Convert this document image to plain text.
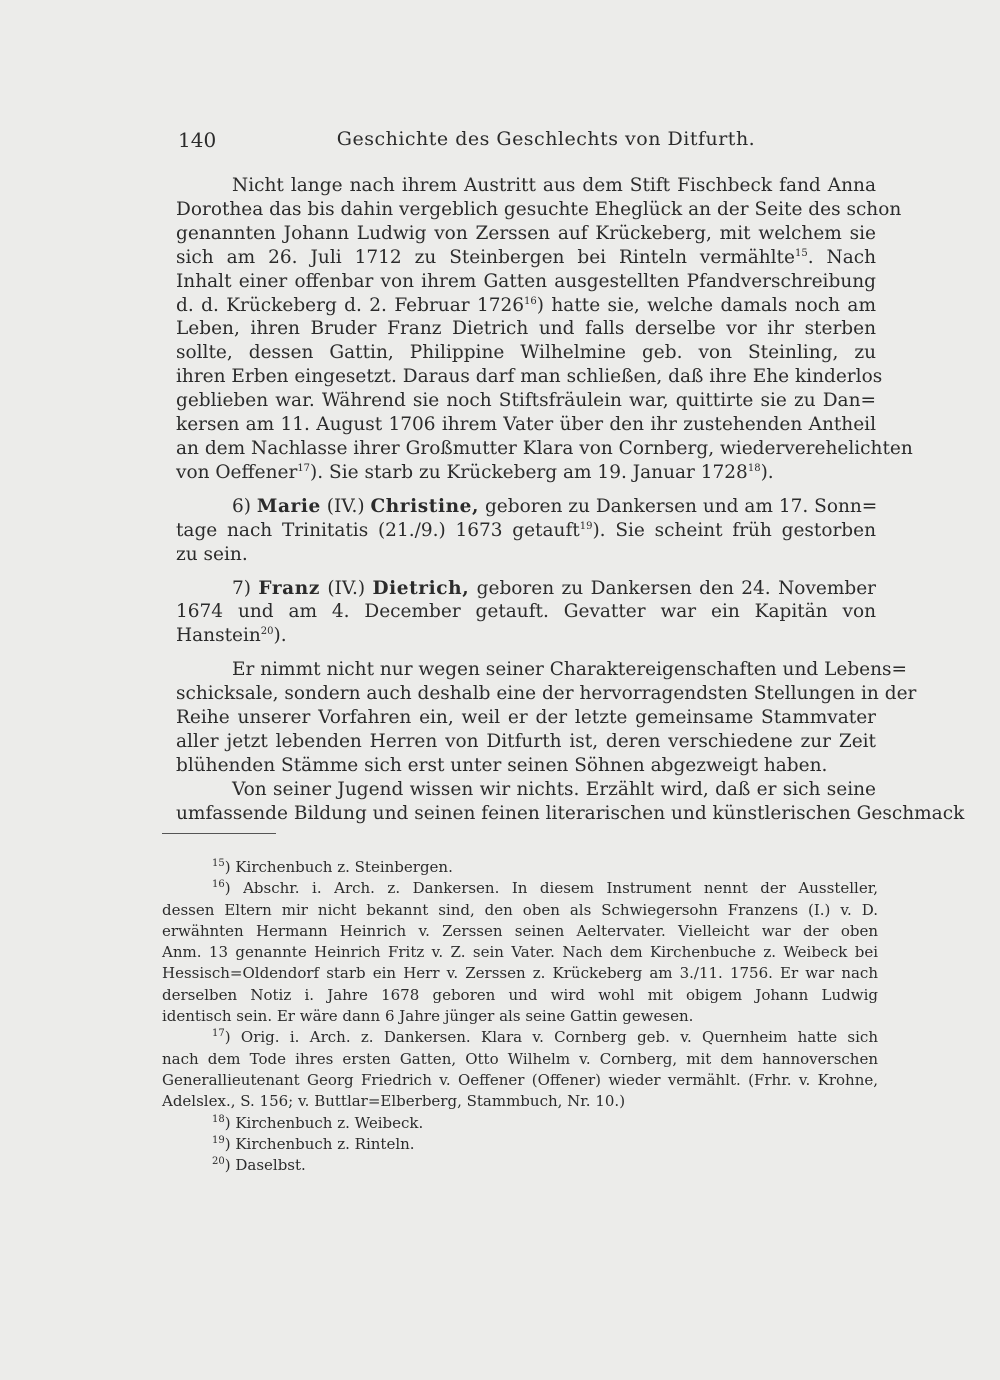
140	Geschichte des Geschlechts von Ditfurth.
Nicht lange nach ihrem Austritt aus dem Stift Fischbeck fand Anna
Dorothea das bis dahin vergeblich gesuchte Eheglück an der Seite des schon
genannten Johann Ludwig von Zerssen auf Krückeberg, mit welchem sie
sich am 26. Juli 1712 zu Steinbergen bei Rinteln vermählte$^{15}$. Nach
Inhalt einer offenbar von ihrem Gatten ausgestellten Pfandverschreibung
d. d. Krückeberg d. 2. Februar 1726$^{16}$) hatte sie, welche damals noch am
Leben, ihren Bruder Franz Dietrich und falls derselbe vor ihr sterben
sollte, dessen Gattin, Philippine Wilhelmine geb. von Steinling, zu
ihren Erben eingesetzt. Daraus darf man schließen, daß ihre Ehe kinderlos
geblieben war. Während sie noch Stiftsfräulein war, quittirte sie zu Dan=
kersen am 11. August 1706 ihrem Vater über den ihr zustehenden Antheil
an dem Nachlasse ihrer Großmutter Klara von Cornberg, wiederverehelichten
von Oeffener$^{17}$). Sie starb zu Krückeberg am 19. Januar 1728$^{18}$).
6) Marie (IV.) Christine, geboren zu Dankersen und am 17. Sonn=
tage nach Trinitatis (21./9.) 1673 getauft$^{19}$). Sie scheint früh gestorben
zu sein.
7) Franz (IV.) Dietrich, geboren zu Dankersen den 24. November
1674 und am 4. December getauft. Gevatter war ein Kapitän von
Hanstein$^{20}$).
Er nimmt nicht nur wegen seiner Charaktereigenschaften und Lebens=
schicksale, sondern auch deshalb eine der hervorragendsten Stellungen in der
Reihe unserer Vorfahren ein, weil er der letzte gemeinsame Stammvater
aller jetzt lebenden Herren von Ditfurth ist, deren verschiedene zur Zeit
blühenden Stämme sich erst unter seinen Söhnen abgezweigt haben.
Von seiner Jugend wissen wir nichts. Erzählt wird, daß er sich seine
umfassende Bildung und seinen feinen literarischen und künstlerischen Geschmack
$^{15}$) Kirchenbuch z. Steinbergen.
$^{16}$) Abschr. i. Arch. z. Dankersen. In diesem Instrument nennt der Aussteller,
dessen Eltern mir nicht bekannt sind, den oben als Schwiegersohn Franzens (I.) v. D.
erwähnten Hermann Heinrich v. Zerssen seinen Aeltervater. Vielleicht war der oben
Anm. 13 genannte Heinrich Fritz v. Z. sein Vater. Nach dem Kirchenbuche z. Weibeck bei
Hessisch=Oldendorf starb ein Herr v. Zerssen z. Krückeberg am 3./11. 1756. Er war nach
derselben Notiz i. Jahre 1678 geboren und wird wohl mit obigem Johann Ludwig
identisch sein. Er wäre dann 6 Jahre jünger als seine Gattin gewesen.
$^{17}$) Orig. i. Arch. z. Dankersen. Klara v. Cornberg geb. v. Quernheim hatte sich
nach dem Tode ihres ersten Gatten, Otto Wilhelm v. Cornberg, mit dem hannoverschen
Generallieutenant Georg Friedrich v. Oeffener (Offener) wieder vermählt. (Frhr. v. Krohne,
Adelslex., S. 156; v. Buttlar=Elberberg, Stammbuch, Nr. 10.)
$^{18}$) Kirchenbuch z. Weibeck.
$^{19}$) Kirchenbuch z. Rinteln.
$^{20}$) Daselbst.
